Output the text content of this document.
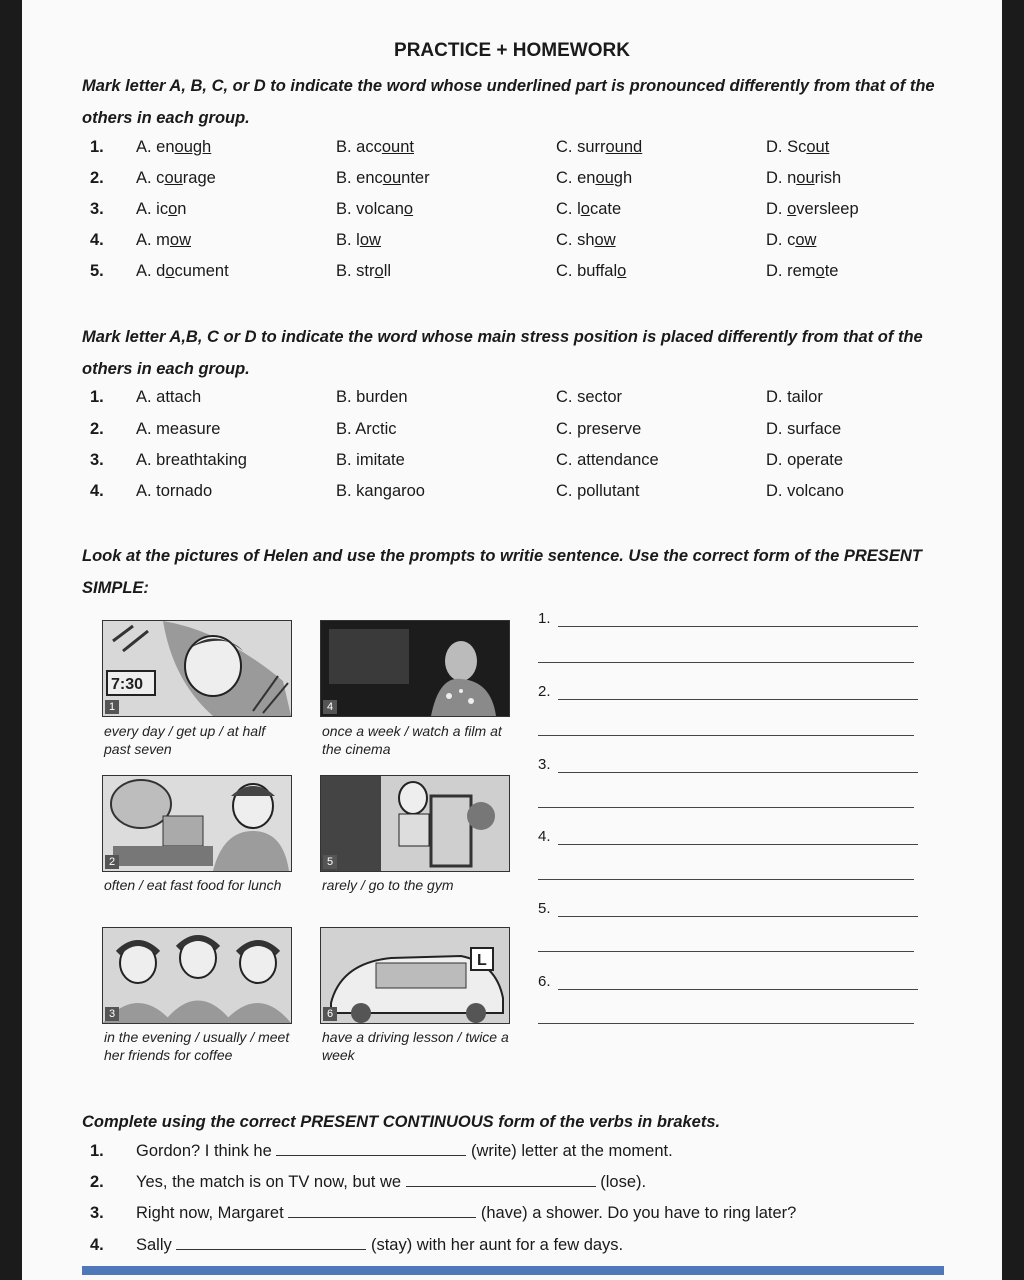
PRACTICE + HOMEWORK
Mark letter A, B, C, or D to indicate the word whose underlined part is pronounced differently from that of the others in each group.
1. A. enough	B. account	C. surround	D. Scout
2. A. courage	B. encounter	C. enough	D. nourish
3. A. icon	B. volcano	C. locate	D. oversleep
4. A. mow	B. low	C. show	D. cow
5. A. document	B. stroll	C. buffalo	D. remote
Mark letter A,B, C or D to indicate the word whose main stress position is placed differently from that of the others in each group.
1. A. attach	B. burden	C. sector	D. tailor
2. A. measure	B. Arctic	C. preserve	D. surface
3. A. breathtaking	B. imitate	C. attendance	D. operate
4. A. tornado	B. kangaroo	C. pollutant	D. volcano
Look at the pictures of Helen and use the prompts to writie sentence. Use the correct form of the PRESENT SIMPLE:
7:30
1
every day / get up / at half past seven
4
once a week / watch a film at the cinema
2
often / eat fast food for lunch
5
rarely / go to the gym
3
in the evening / usually / meet her friends for coffee
L
6
have a driving lesson / twice a week
1.
2.
3.
4.
5.
6.
Complete using the correct PRESENT CONTINUOUS form of the verbs in brakets.
1. Gordon? I think he	(write) letter at the moment.
2. Yes, the match is on TV now, but we	(lose).
3. Right now, Margaret	(have) a shower. Do you have to ring later?
4. Sally	(stay) with her aunt for a few days.
